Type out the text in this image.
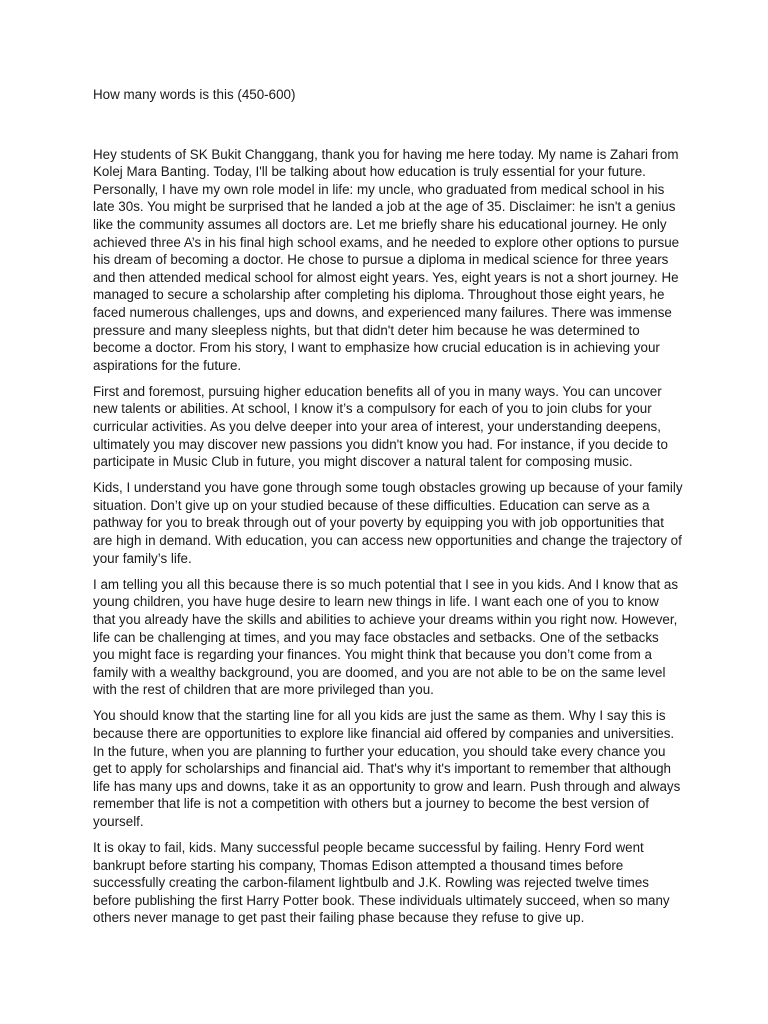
How many words is this (450-600)

Hey students of SK Bukit Changgang, thank you for having me here today. My name is Zahari from Kolej Mara Banting. Today, I'll be talking about how education is truly essential for your future. Personally, I have my own role model in life: my uncle, who graduated from medical school in his late 30s. You might be surprised that he landed a job at the age of 35. Disclaimer: he isn't a genius like the community assumes all doctors are. Let me briefly share his educational journey. He only achieved three A’s in his final high school exams, and he needed to explore other options to pursue his dream of becoming a doctor. He chose to pursue a diploma in medical science for three years and then attended medical school for almost eight years. Yes, eight years is not a short journey. He managed to secure a scholarship after completing his diploma. Throughout those eight years, he faced numerous challenges, ups and downs, and experienced many failures. There was immense pressure and many sleepless nights, but that didn't deter him because he was determined to become a doctor. From his story, I want to emphasize how crucial education is in achieving your aspirations for the future.

First and foremost, pursuing higher education benefits all of you in many ways. You can uncover new talents or abilities. At school, I know it’s a compulsory for each of you to join clubs for your curricular activities. As you delve deeper into your area of interest, your understanding deepens, ultimately you may discover new passions you didn't know you had. For instance, if you decide to participate in Music Club in future, you might discover a natural talent for composing music.

Kids, I understand you have gone through some tough obstacles growing up because of your family situation. Don’t give up on your studied because of these difficulties. Education can serve as a pathway for you to break through out of your poverty by equipping you with job opportunities that are high in demand. With education, you can access new opportunities and change the trajectory of your family’s life.

I am telling you all this because there is so much potential that I see in you kids. And I know that as young children, you have huge desire to learn new things in life. I want each one of you to know that you already have the skills and abilities to achieve your dreams within you right now. However, life can be challenging at times, and you may face obstacles and setbacks. One of the setbacks you might face is regarding your finances. You might think that because you don’t come from a family with a wealthy background, you are doomed, and you are not able to be on the same level with the rest of children that are more privileged than you.

You should know that the starting line for all you kids are just the same as them. Why I say this is because there are opportunities to explore like financial aid offered by companies and universities. In the future, when you are planning to further your education, you should take every chance you get to apply for scholarships and financial aid. That's why it's important to remember that although life has many ups and downs, take it as an opportunity to grow and learn. Push through and always remember that life is not a competition with others but a journey to become the best version of yourself.

It is okay to fail, kids. Many successful people became successful by failing. Henry Ford went bankrupt before starting his company, Thomas Edison attempted a thousand times before successfully creating the carbon-filament lightbulb and J.K. Rowling was rejected twelve times before publishing the first Harry Potter book. These individuals ultimately succeed, when so many others never manage to get past their failing phase because they refuse to give up.
